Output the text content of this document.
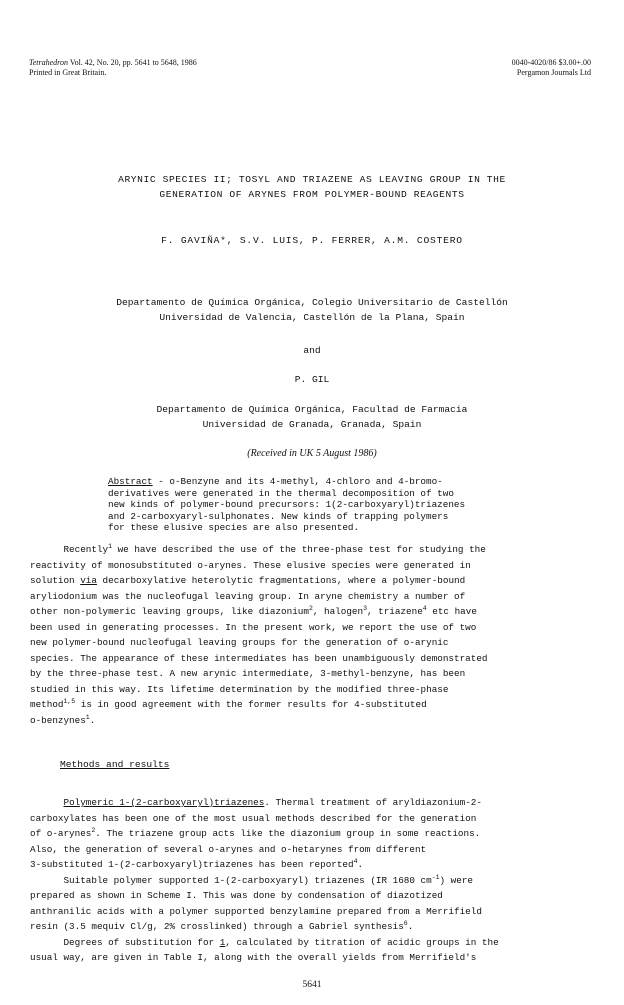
Tetrahedron Vol. 42, No. 20, pp. 5641 to 5648, 1986
Printed in Great Britain.
0040-4020/86 $3.00+.00
Pergamon Journals Ltd
ARYNIC SPECIES II; TOSYL AND TRIAZENE AS LEAVING GROUP IN THE
GENERATION OF ARYNES FROM POLYMER-BOUND REAGENTS
F. GAVIÑA*, S.V. LUIS, P. FERRER, A.M. COSTERO
Departamento de Química Orgánica, Colegio Universitario de Castellón
Universidad de Valencia, Castellón de la Plana, Spain
and
P. GIL
Departamento de Química Orgánica, Facultad de Farmacia
Universidad de Granada, Granada, Spain
(Received in UK 5 August 1986)
Abstract - o-Benzyne and its 4-methyl, 4-chloro and 4-bromo-
derivatives were generated in the thermal decomposition of two
new kinds of polymer-bound precursors: 1(2-carboxyaryl)triazenes
and 2-carboxyaryl-sulphonates. New kinds of trapping polymers
for these elusive species are also presented.
Recently$^1$ we have described the use of the three-phase test for studying the
reactivity of monosubstituted o-arynes. These elusive species were generated in
solution via decarboxylative heterolytic fragmentations, where a polymer-bound
aryliodonium was the nucleofugal leaving group. In aryne chemistry a number of
other non-polymeric leaving groups, like diazonium$^2$, halogen$^3$, triazene$^4$ etc have
been used in generating processes. In the present work, we report the use of two
new polymer-bound nucleofugal leaving groups for the generation of o-arynic
species. The appearance of these intermediates has been unambiguously demonstrated
by the three-phase test. A new arynic intermediate, 3-methyl-benzyne, has been
studied in this way. Its lifetime determination by the modified three-phase
method$^{1,5}$ is in good agreement with the former results for 4-substituted
o-benzynes$^1$.
Methods and results
Polymeric 1-(2-carboxyaryl)triazenes. Thermal treatment of aryldiazonium-2-
carboxylates has been one of the most usual methods described for the generation
of o-arynes$^2$. The triazene group acts like the diazonium group in some reactions.
Also, the generation of several o-arynes and o-hetarynes from different
3-substituted 1-(2-carboxyaryl)triazenes has been reported$^4$.
Suitable polymer supported 1-(2-carboxyaryl) triazenes (IR 1680 $cm^{-1}$) were
prepared as shown in Scheme I. This was done by condensation of diazotized
anthranilic acids with a polymer supported benzylamine prepared from a Merrifield
resin (3.5 mequiv Cl/g, 2% crosslinked) through a Gabriel synthesis$^6$.
Degrees of substitution for 1, calculated by titration of acidic groups in the
usual way, are given in Table I, along with the overall yields from Merrifield's
5641
